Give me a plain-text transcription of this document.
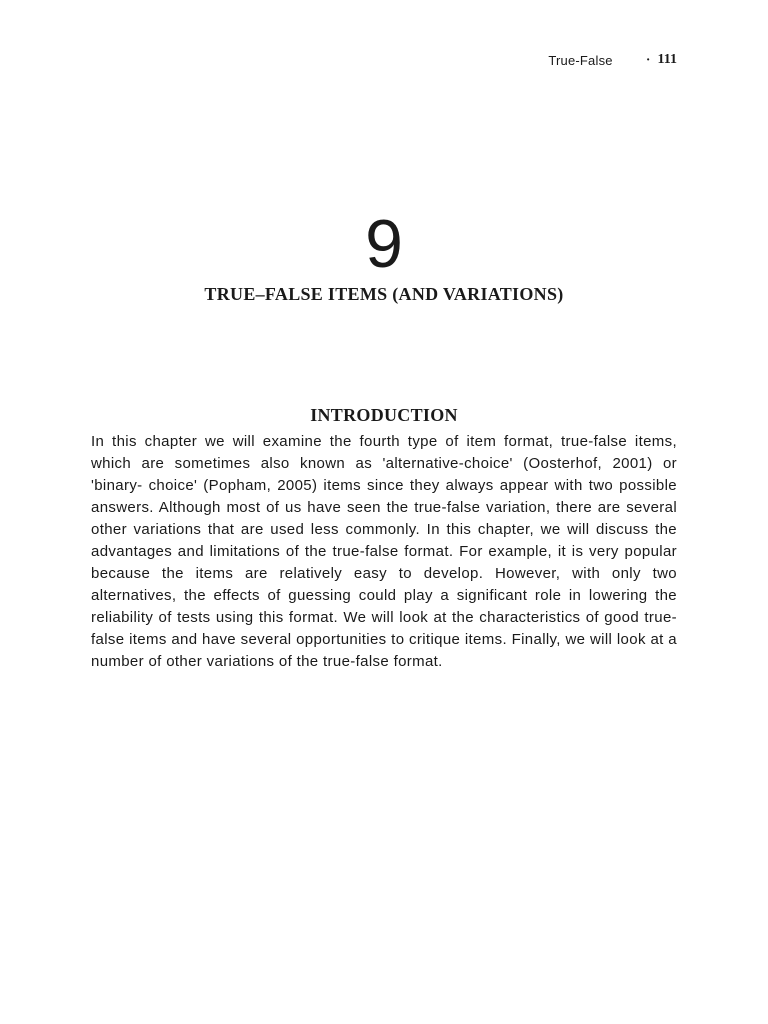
True-False	• 111
9
TRUE–FALSE ITEMS (AND VARIATIONS)
INTRODUCTION

In this chapter we will examine the fourth type of item format, true-false items, which are sometimes also known as 'alternative-choice' (Oosterhof, 2001) or 'binary- choice' (Popham, 2005) items since they always appear with two possible answers. Although most of us have seen the true-false variation, there are several other variations that are used less commonly. In this chapter, we will discuss the advantages and limitations of the true-false format. For example, it is very popular because the items are relatively easy to develop. However, with only two alternatives, the effects of guessing could play a significant role in lowering the reliability of tests using this format. We will look at the characteristics of good true-false items and have several opportunities to critique items. Finally, we will look at a number of other variations of the true-false format.
